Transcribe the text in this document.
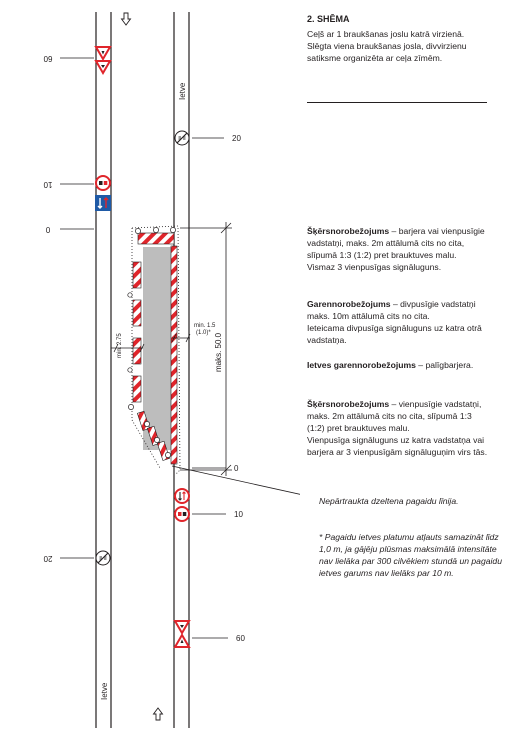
Ietve
Ietve
60
10
0
20
20
0
10
60
maks. 50.0
min. 2.75
min. 1.5
(1.0)*
2. SHĒMA
Ceļš ar 1 braukšanas joslu katrā virzienā.
Slēgta viena braukšanas josla, divvirzienu
satiksme organizēta ar ceļa zīmēm.
Šķērsnorobežojums – barjera vai vienpusīgie
vadstatņi, maks. 2m attālumā cits no cita,
slīpumā 1:3 (1:2) pret brauktuves malu.
Vismaz 3 vienpusīgas signāluguns.
Garennorobežojums – divpusīgie vadstatņi
maks. 10m attālumā cits no cita.
Ieteicama divpusīga signāluguns uz katra otrā
vadstatņa.
Ietves garennorobežojums – palīgbarjera.
Šķērsnorobežojums – vienpusīgie vadstatņi,
maks. 2m attālumā cits no cita, slīpumā 1:3
(1:2) pret brauktuves malu.
Vienpusīga signāluguns uz katra vadstatņa vai
barjera ar 3 vienpusīgām signāluguņim virs tās.
Nepārtraukta dzeltena pagaidu līnija.
* Pagaidu ietves platumu atļauts samazināt līdz
1,0 m, ja gājēju plūsmas maksimālā intensitāte
nav lielāka par 300 cilvēkiem stundā un pagaidu
ietves garums nav lielāks par 10 m.
